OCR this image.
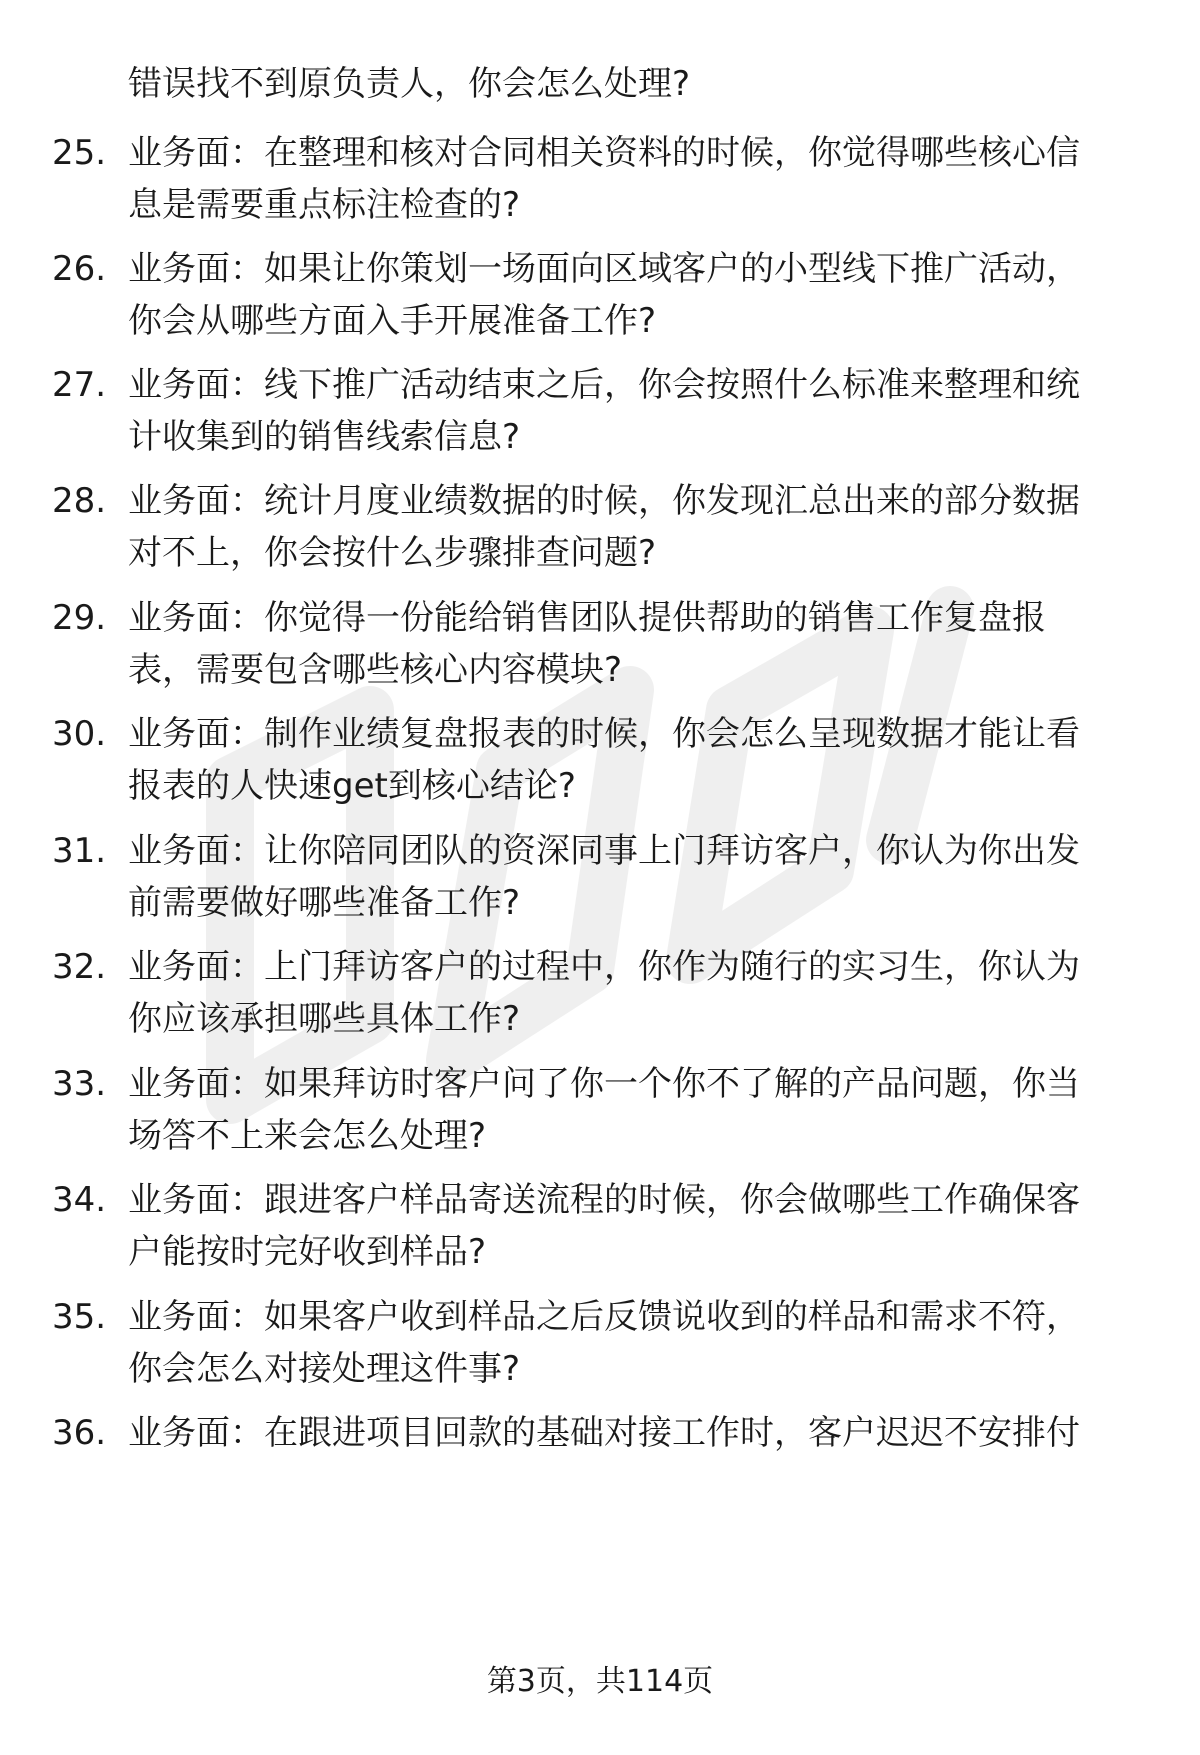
错误找不到原负责人，你会怎么处理?
25. 业务面：在整理和核对合同相关资料的时候，你觉得哪些核心信
息是需要重点标注检查的?
26. 业务面：如果让你策划一场面向区域客户的小型线下推广活动，
你会从哪些方面入手开展准备工作?
27. 业务面：线下推广活动结束之后，你会按照什么标准来整理和统
计收集到的销售线索信息?
28. 业务面：统计月度业绩数据的时候，你发现汇总出来的部分数据
对不上，你会按什么步骤排查问题?
29. 业务面：你觉得一份能给销售团队提供帮助的销售工作复盘报
表，需要包含哪些核心内容模块?
30. 业务面：制作业绩复盘报表的时候，你会怎么呈现数据才能让看
报表的人快速get到核心结论?
31. 业务面：让你陪同团队的资深同事上门拜访客户，你认为你出发
前需要做好哪些准备工作?
32. 业务面：上门拜访客户的过程中，你作为随行的实习生，你认为
你应该承担哪些具体工作?
33. 业务面：如果拜访时客户问了你一个你不了解的产品问题，你当
场答不上来会怎么处理?
34. 业务面：跟进客户样品寄送流程的时候，你会做哪些工作确保客
户能按时完好收到样品?
35. 业务面：如果客户收到样品之后反馈说收到的样品和需求不符，
你会怎么对接处理这件事?
36. 业务面：在跟进项目回款的基础对接工作时，客户迟迟不安排付
第3页，共114页
